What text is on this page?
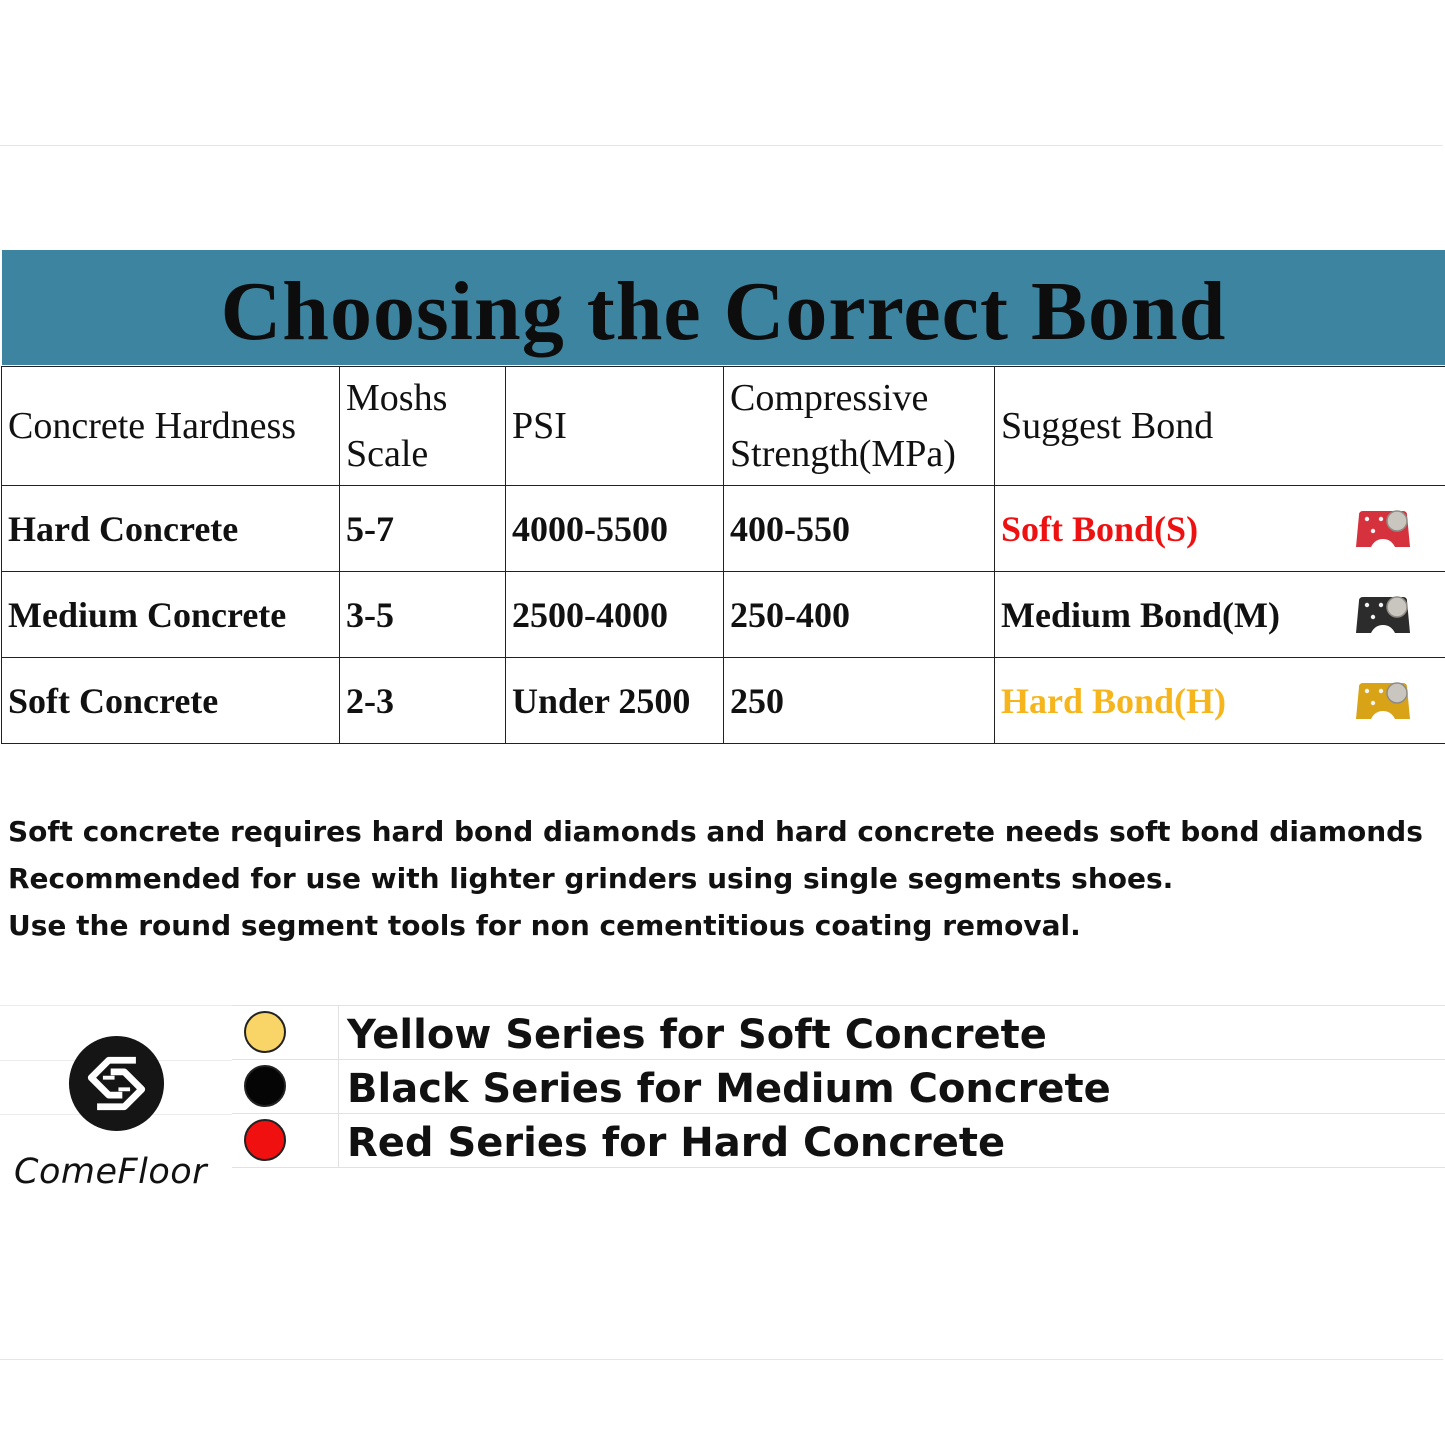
Choosing the Correct Bond
Concrete Hardness	Moshs Scale	PSI	Compressive Strength(MPa)	Suggest Bond
Hard Concrete	5-7	4000-5500	400-550	Soft Bond(S)

Medium Concrete	3-5	2500-4000	250-400	Medium Bond(M)

Soft Concrete	2-3	Under 2500	250	Hard Bond(H)
Soft concrete requires hard bond diamonds and hard concrete needs soft bond diamonds
Recommended for use with lighter grinders using single segments shoes.
Use the round segment tools for non cementitious coating removal.
Yellow Series for Soft Concrete
Black Series for Medium Concrete
Red Series for Hard Concrete
ComeFloor
